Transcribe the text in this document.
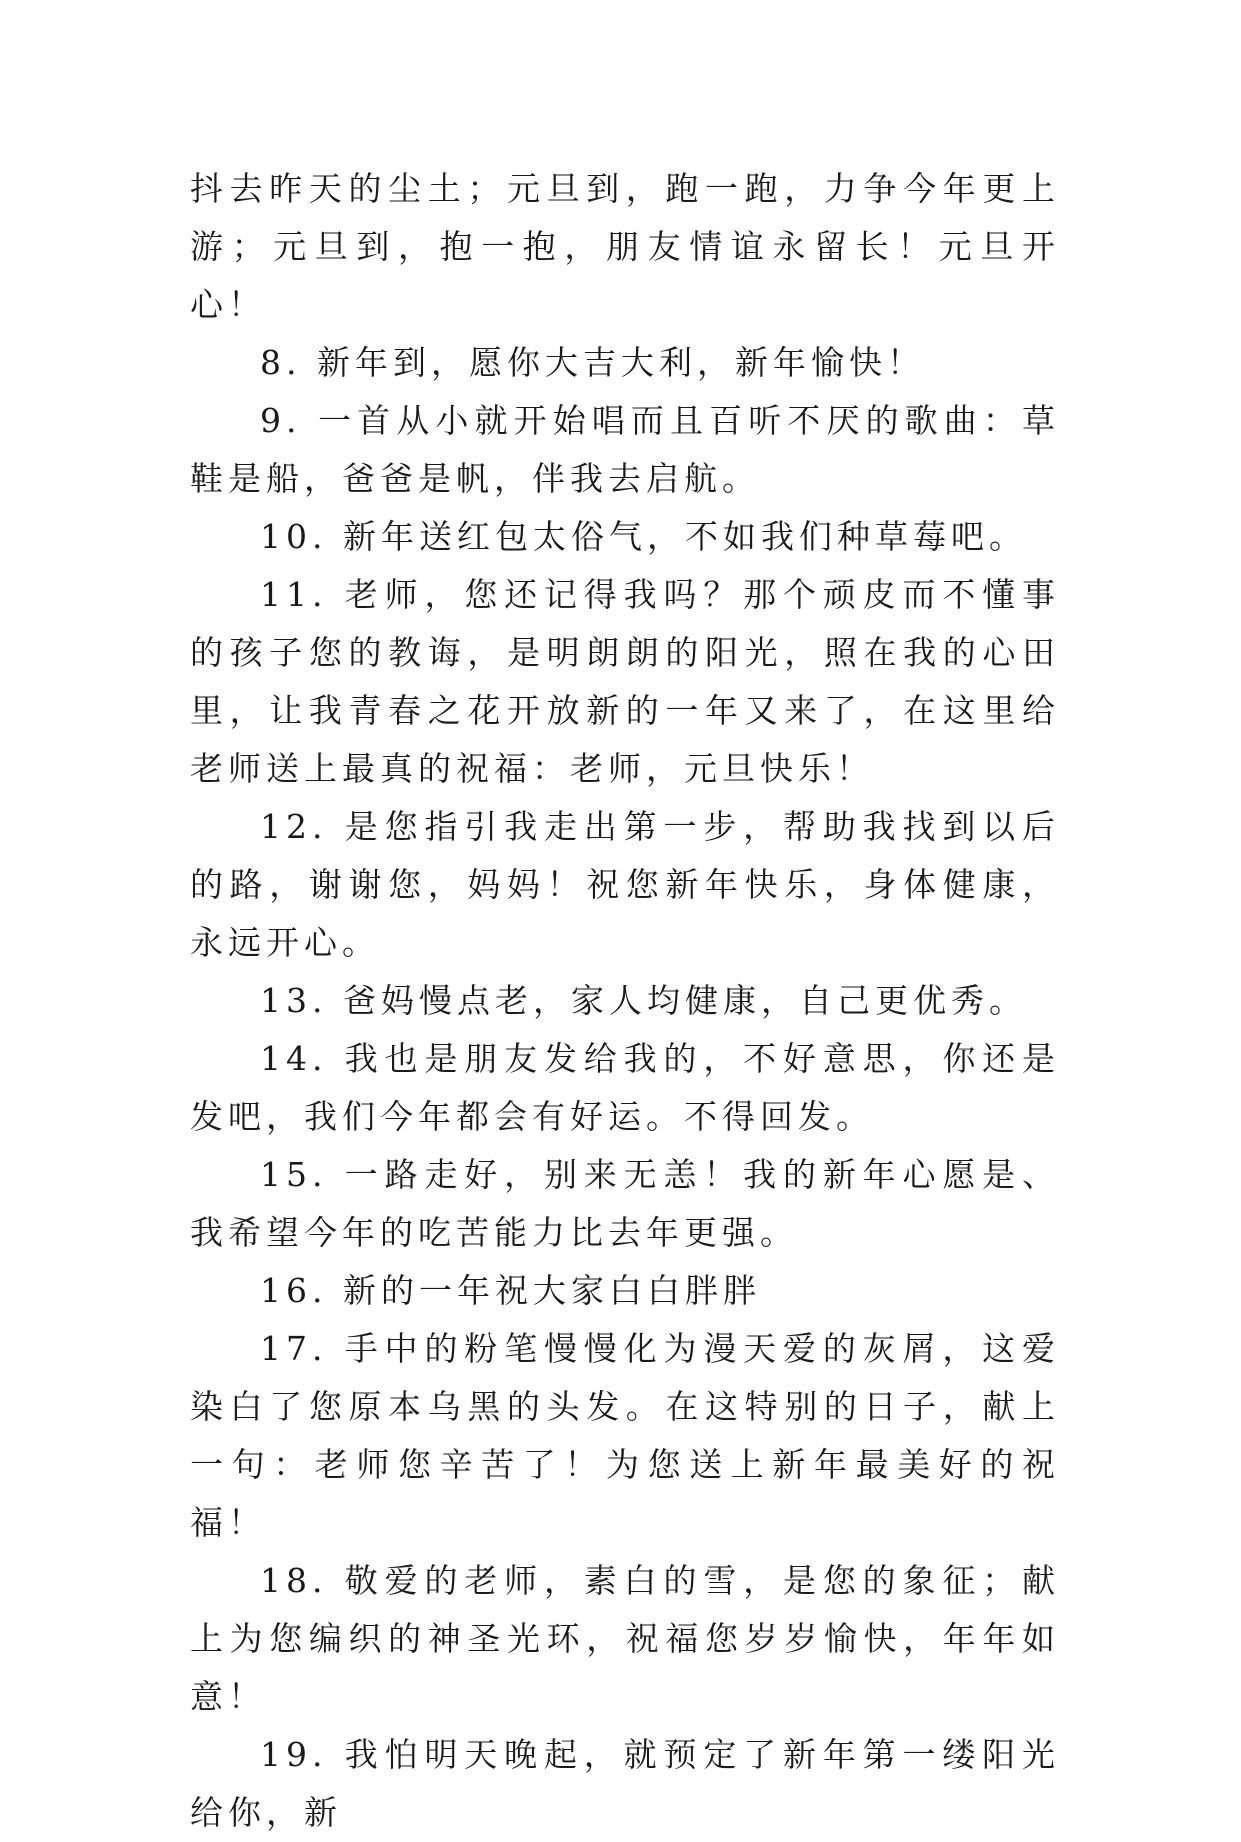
抖去昨天的尘土；元旦到，跑一跑，力争今年更上游；元旦到，抱一抱，朋友情谊永留长！元旦开心！

8. 新年到，愿你大吉大利，新年愉快！

9. 一首从小就开始唱而且百听不厌的歌曲：草鞋是船，爸爸是帆，伴我去启航。

10. 新年送红包太俗气，不如我们种草莓吧。

11. 老师，您还记得我吗？那个顽皮而不懂事的孩子您的教诲，是明朗朗的阳光，照在我的心田里，让我青春之花开放新的一年又来了，在这里给老师送上最真的祝福：老师，元旦快乐！

12. 是您指引我走出第一步，帮助我找到以后的路，谢谢您，妈妈！祝您新年快乐，身体健康，永远开心。

13. 爸妈慢点老，家人均健康，自己更优秀。

14. 我也是朋友发给我的，不好意思，你还是发吧，我们今年都会有好运。不得回发。

15. 一路走好，别来无恙！我的新年心愿是、我希望今年的吃苦能力比去年更强。

16. 新的一年祝大家白白胖胖

17. 手中的粉笔慢慢化为漫天爱的灰屑，这爱染白了您原本乌黑的头发。在这特别的日子，献上一句：老师您辛苦了！为您送上新年最美好的祝福！

18. 敬爱的老师，素白的雪，是您的象征；献上为您编织的神圣光环，祝福您岁岁愉快，年年如意！

19. 我怕明天晚起，就预定了新年第一缕阳光给你，新
